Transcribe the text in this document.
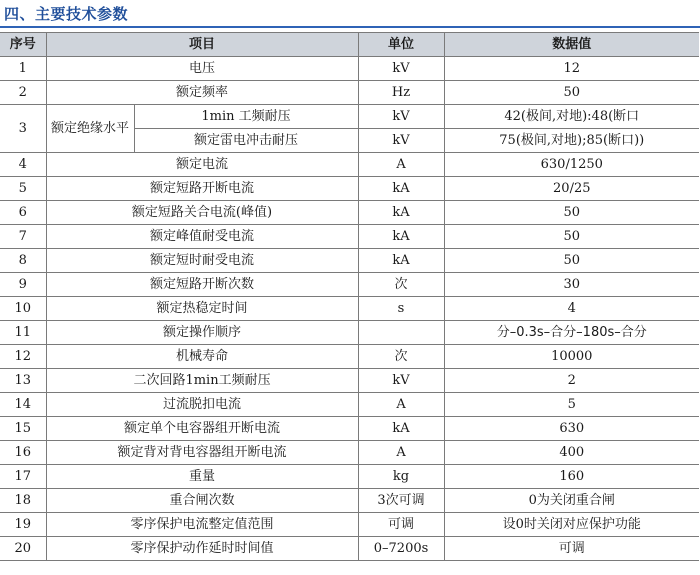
四、主要技术参数
序号	项目		单位	数据值
1	电压		kV	12
2	额定频率		Hz	50
3	额定绝缘水平	1min 工频耐压	kV	42(极间,对地):48(断口
		额定雷电冲击耐压	kV	75(极间,对地);85(断口))
4	额定电流		A	630/1250
5	额定短路开断电流		kA	20/25
6	额定短路关合电流(峰值)		kA	50
7	额定峰值耐受电流		kA	50
8	额定短时耐受电流		kA	50
9	额定短路开断次数		次	30
10	额定热稳定时间		s	4
11	额定操作顺序			分–0.3s–合分–180s–合分
12	机械寿命		次	10000
13	二次回路1min工频耐压		kV	2
14	过流脱扣电流		A	5
15	额定单个电容器组开断电流		kA	630
16	额定背对背电容器组开断电流		A	400
17	重量		kg	160
18	重合闸次数		3次可调	0为关闭重合闸
19	零序保护电流整定值范围		可调	设0时关闭对应保护功能
20	零序保护动作延时时间值		0–7200s	可调
